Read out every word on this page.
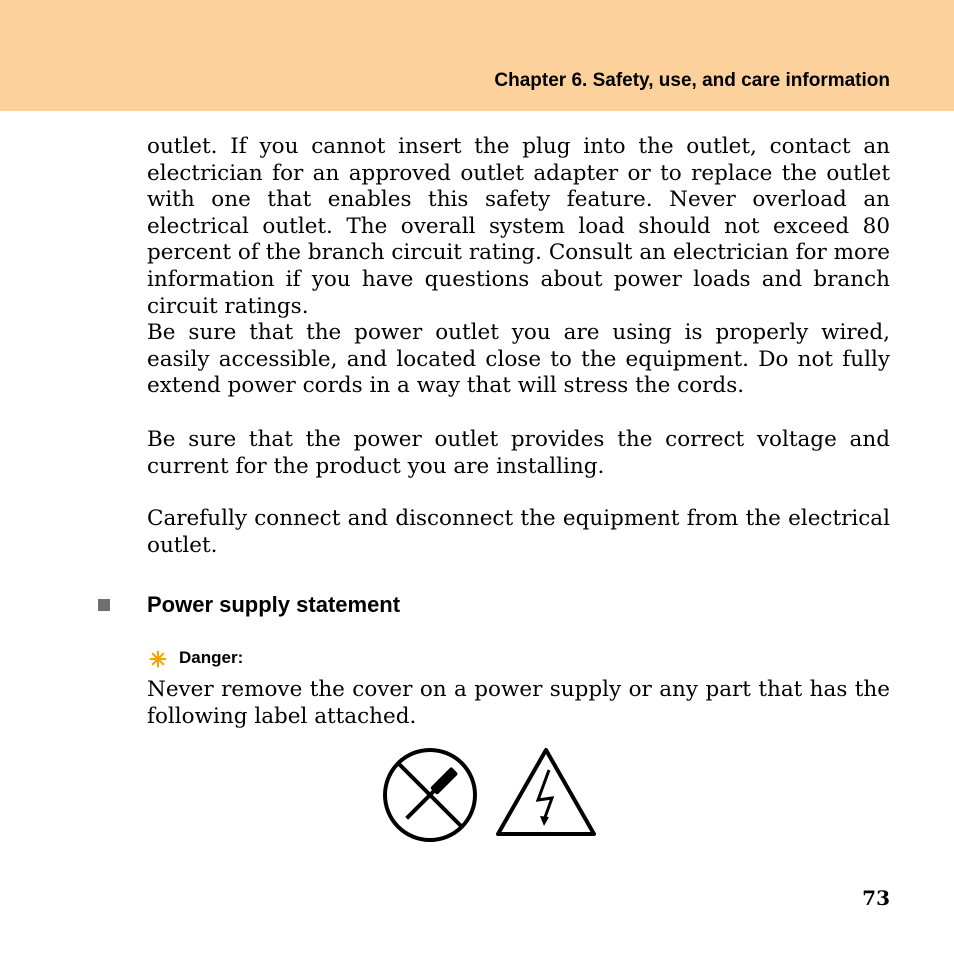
Chapter 6. Safety, use, and care information

outlet. If you cannot insert the plug into the outlet, contact an electrician for an approved outlet adapter or to replace the outlet with one that enables this safety feature. Never overload an electrical outlet. The overall system load should not exceed 80 percent of the branch circuit rating. Consult an electrician for more information if you have questions about power loads and branch circuit ratings.

Be sure that the power outlet you are using is properly wired, easily accessible, and located close to the equipment. Do not fully extend power cords in a way that will stress the cords.

Be sure that the power outlet provides the correct voltage and current for the product you are installing.

Carefully connect and disconnect the equipment from the electrical outlet.

Power supply statement
Danger:

Never remove the cover on a power supply or any part that has the following label attached.

73
